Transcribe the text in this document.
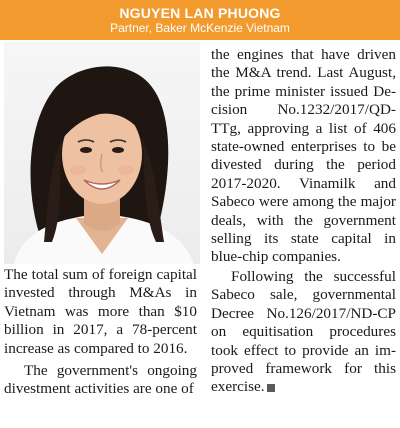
NGUYEN LAN PHUONG
Partner, Baker McKenzie Vietnam

The total sum of foreign capital invested through M&As in Vietnam was more than $10 billion in 2017, a 78-percent increase as compared to 2016.

The government's ongoing divestment activities are one of

the engines that have driven the M&A trend. Last August, the prime minister issued Decision No.1232/2017/QD-TTg, approving a list of 406 state-owned enterprises to be divested during the period 2017-2020. Vinamilk and Sabeco were among the major deals, with the government selling its state capital in blue-chip companies.

Following the successful Sabeco sale, governmental Decree No.126/2017/ND-CP on equitisation procedures took effect to provide an improved framework for this exercise.
